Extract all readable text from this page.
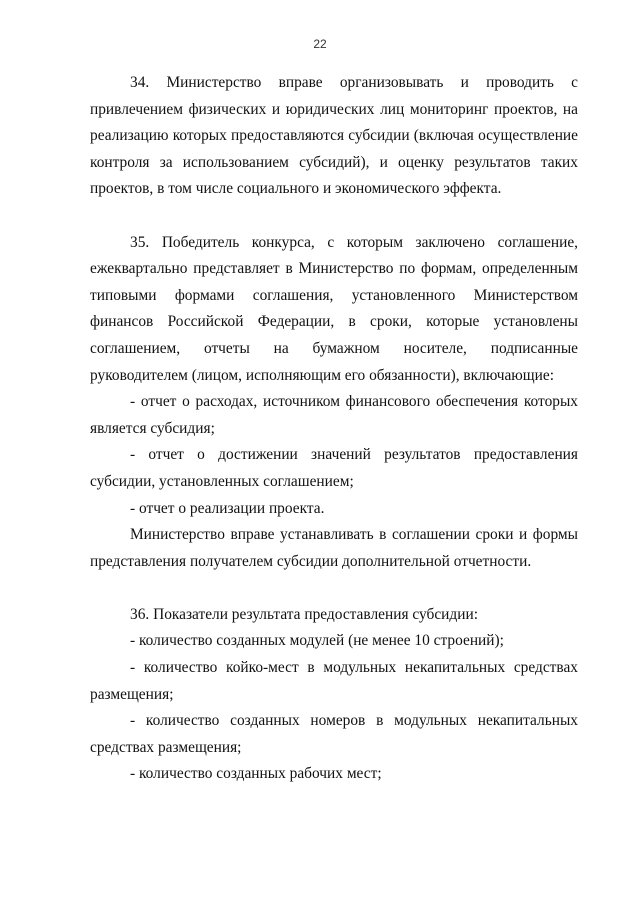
22

34. Министерство вправе организовывать и проводить с привлечением физических и юридических лиц мониторинг проектов, на реализацию которых предоставляются субсидии (включая осуществление контроля за использованием субсидий), и оценку результатов таких проектов, в том числе социального и экономического эффекта.

35. Победитель конкурса, с которым заключено соглашение, ежеквартально представляет в Министерство по формам, определенным типовыми формами соглашения, установленного Министерством финансов Российской Федерации, в сроки, которые установлены соглашением, отчеты на бумажном носителе, подписанные руководителем (лицом, исполняющим его обязанности), включающие:

- отчет о расходах, источником финансового обеспечения которых является субсидия;

- отчет о достижении значений результатов предоставления субсидии, установленных соглашением;

- отчет о реализации проекта.

Министерство вправе устанавливать в соглашении сроки и формы представления получателем субсидии дополнительной отчетности.

36. Показатели результата предоставления субсидии:

- количество созданных модулей (не менее 10 строений);

- количество койко-мест в модульных некапитальных средствах размещения;

- количество созданных номеров в модульных некапитальных средствах размещения;

- количество созданных рабочих мест;
